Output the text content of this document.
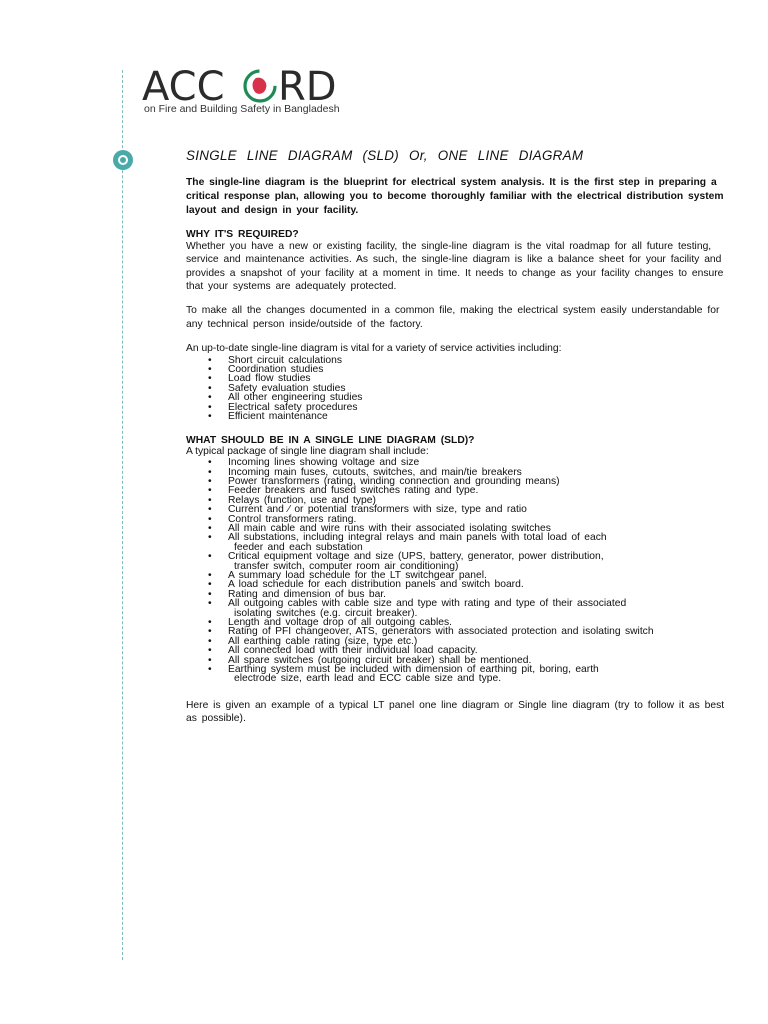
ACC RD
on Fire and Building Safety in Bangladesh
SINGLE LINE DIAGRAM (SLD) Or, ONE LINE DIAGRAM

The single-line diagram is the blueprint for electrical system analysis. It is the first step in preparing a critical response plan, allowing you to become thoroughly familiar with the electrical distribution system layout and design in your facility.

WHY IT'S REQUIRED?

Whether you have a new or existing facility, the single-line diagram is the vital roadmap for all future testing, service and maintenance activities. As such, the single-line diagram is like a balance sheet for your facility and provides a snapshot of your facility at a moment in time. It needs to change as your facility changes to ensure that your systems are adequately protected.

To make all the changes documented in a common file, making the electrical system easily understandable for any technical person inside/outside of the factory.

An up-to-date single-line diagram is vital for a variety of service activities including:

• Short circuit calculations
• Coordination studies
• Load flow studies
• Safety evaluation studies
• All other engineering studies
• Electrical safety procedures
• Efficient maintenance
WHAT SHOULD BE IN A SINGLE LINE DIAGRAM (SLD)?

A typical package of single line diagram shall include:

• Incoming lines showing voltage and size
• Incoming main fuses, cutouts, switches, and main/tie breakers
• Power transformers (rating, winding connection and grounding means)
• Feeder breakers and fused switches rating and type.
• Relays (function, use and type)
• Current and ⁄ or potential transformers with size, type and ratio
• Control transformers rating.
• All main cable and wire runs with their associated isolating switches
• All substations, including integral relays and main panels with total load of each
feeder and each substation
• Critical equipment voltage and size (UPS, battery, generator, power distribution,
transfer switch, computer room air conditioning)
• A summary load schedule for the LT switchgear panel.
• A load schedule for each distribution panels and switch board.
• Rating and dimension of bus bar.
• All outgoing cables with cable size and type with rating and type of their associated
isolating switches (e.g. circuit breaker).
• Length and voltage drop of all outgoing cables.
• Rating of PFI changeover, ATS, generators with associated protection and isolating switch
• All earthing cable rating (size, type etc.)
• All connected load with their individual load capacity.
• All spare switches (outgoing circuit breaker) shall be mentioned.
• Earthing system must be included with dimension of earthing pit, boring, earth
electrode size, earth lead and ECC cable size and type.

Here is given an example of a typical LT panel one line diagram or Single line diagram (try to follow it as best as possible).
